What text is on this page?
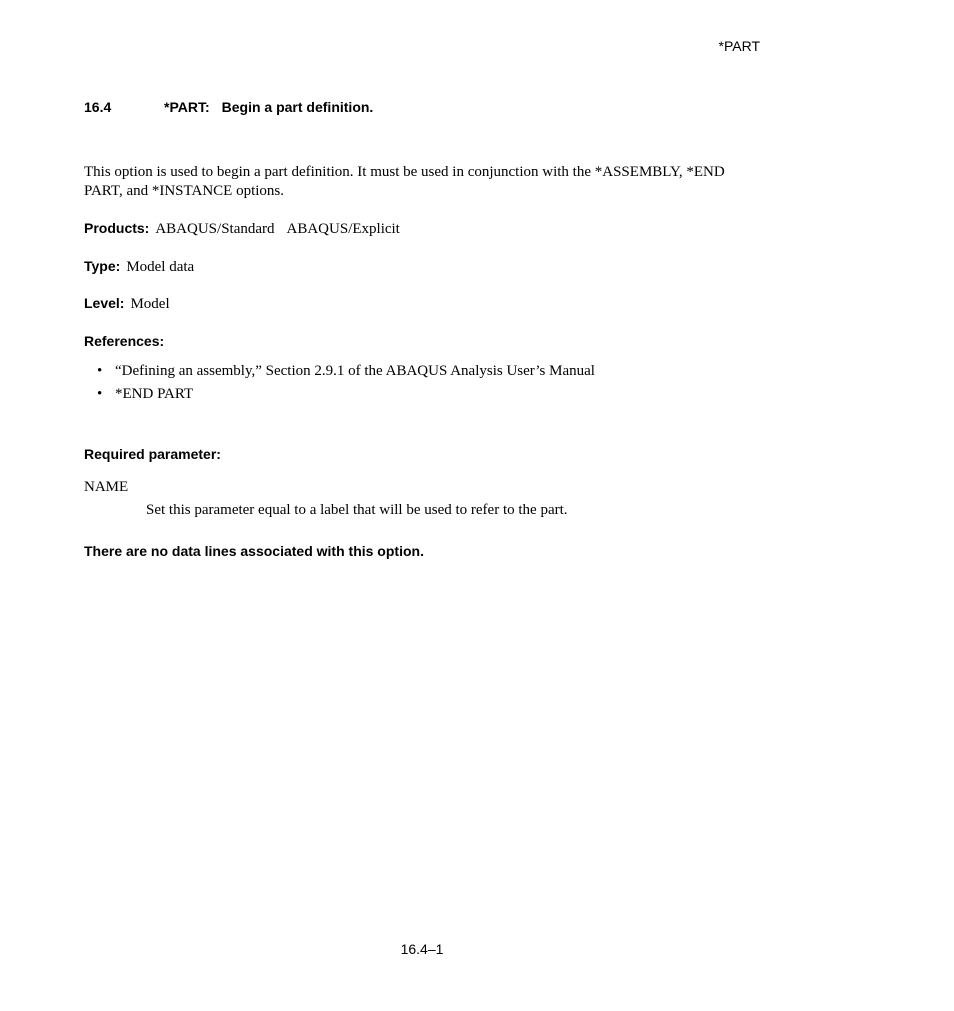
*PART
16.4	*PART: Begin a part definition.
This option is used to begin a part definition. It must be used in conjunction with the *ASSEMBLY, *END PART, and *INSTANCE options.
Products: ABAQUS/Standard ABAQUS/Explicit
Type: Model data
Level: Model
References:
• “Defining an assembly,” Section 2.9.1 of the ABAQUS Analysis User’s Manual
• *END PART
Required parameter:
NAME
Set this parameter equal to a label that will be used to refer to the part.
There are no data lines associated with this option.
16.4–1
